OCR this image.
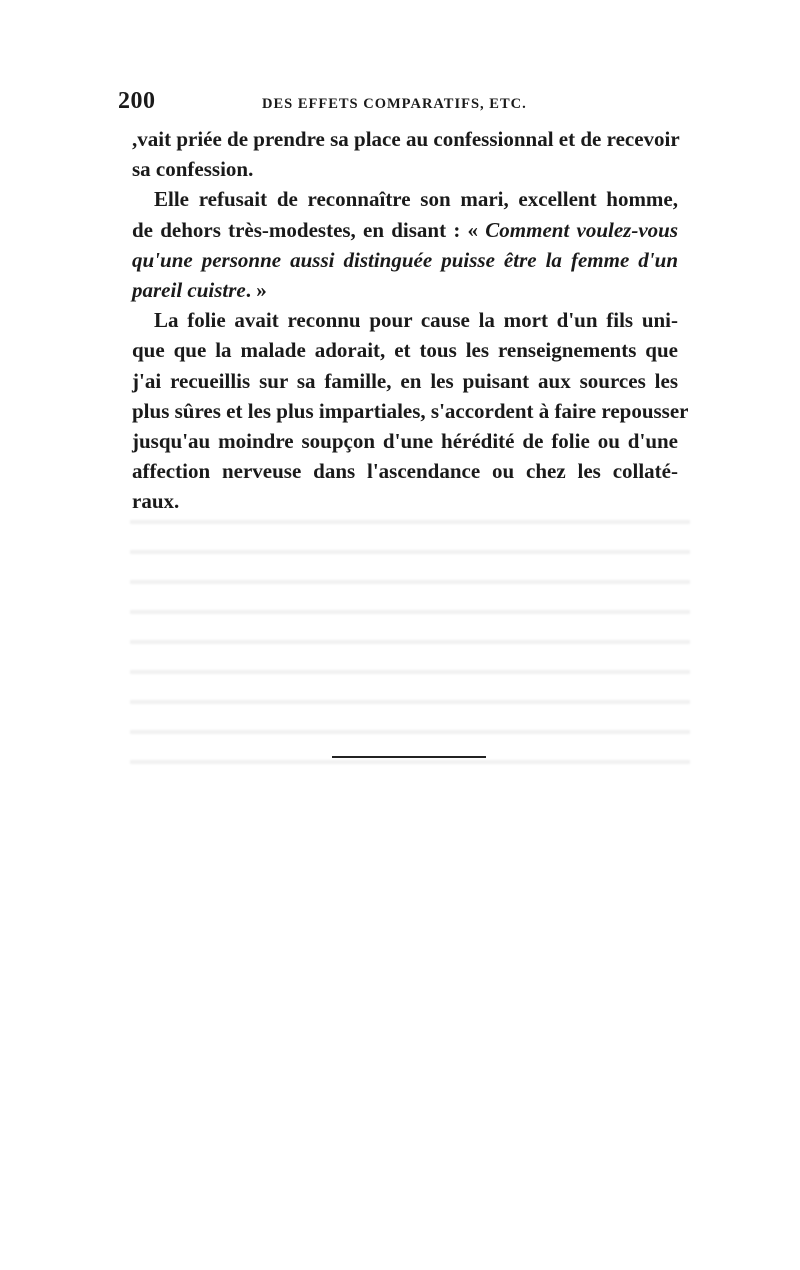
200	DES EFFETS COMPARATIFS, ETC.
,vait priée de prendre sa place au confessionnal et de recevoir
sa confession.
Elle refusait de reconnaître son mari, excellent homme,
de dehors très-modestes, en disant : « Comment voulez-vous
qu'une personne aussi distinguée puisse être la femme d'un
pareil cuistre. »
La folie avait reconnu pour cause la mort d'un fils uni-
que que la malade adorait, et tous les renseignements que
j'ai recueillis sur sa famille, en les puisant aux sources les
plus sûres et les plus impartiales, s'accordent à faire repousser
jusqu'au moindre soupçon d'une hérédité de folie ou d'une
affection nerveuse dans l'ascendance ou chez les collaté-
raux.
